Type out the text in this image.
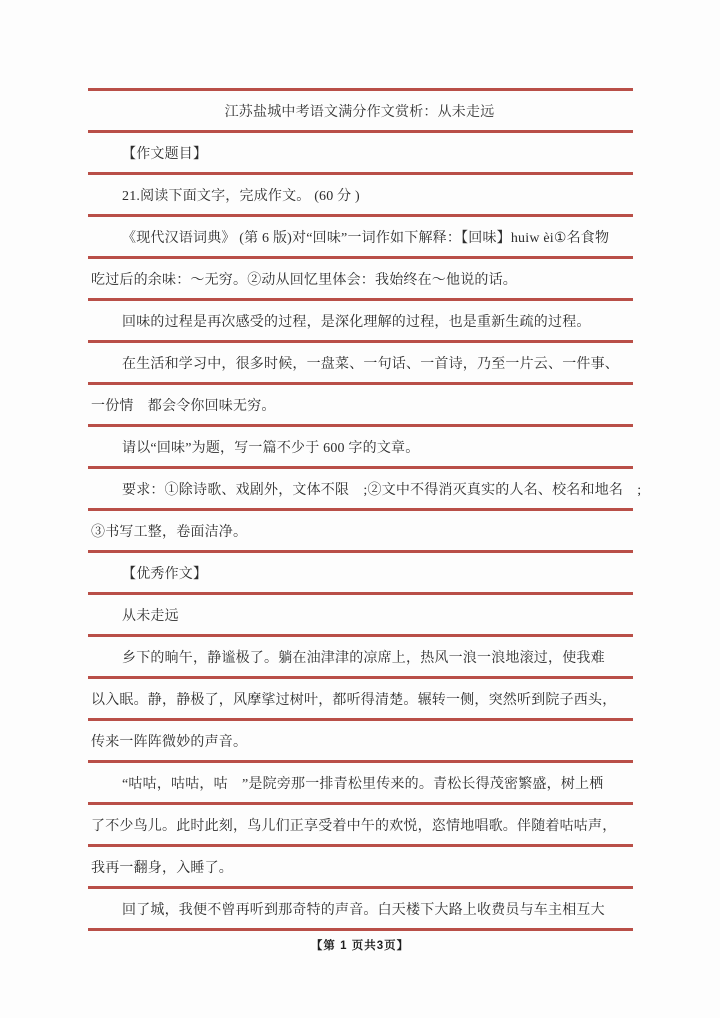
江苏盐城中考语文满分作文赏析：从未走远
【作文题目】
21.阅读下面文字，完成作文。 (60 分 )
《现代汉语词典》 (第 6 版)对“回味”一词作如下解释：【回味】huiw èi①名食物
吃过后的余味：～无穷。②动从回忆里体会：我始终在～他说的话。
回味的过程是再次感受的过程，是深化理解的过程，也是重新生疏的过程。
在生活和学习中，很多时候，一盘菜、一句话、一首诗，乃至一片云、一件事、
一份情　都会令你回味无穷。
请以“回味”为题，写一篇不少于 600 字的文章。
要求：①除诗歌、戏剧外，文体不限　;②文中不得消灭真实的人名、校名和地名　;
③书写工整，卷面洁净。
【优秀作文】
从未走远
乡下的晌午，静谧极了。躺在油津津的凉席上，热风一浪一浪地滚过，使我难
以入眠。静，静极了，风摩挲过树叶，都听得清楚。辗转一侧，突然听到院子西头，
传来一阵阵微妙的声音。
“咕咕，咕咕，咕　”是院旁那一排青松里传来的。青松长得茂密繁盛，树上栖
了不少鸟儿。此时此刻，鸟儿们正享受着中午的欢悦，恣情地唱歌。伴随着咕咕声，
我再一翻身，入睡了。
回了城，我便不曾再听到那奇特的声音。白天楼下大路上收费员与车主相互大
【第 1 页共3页】
